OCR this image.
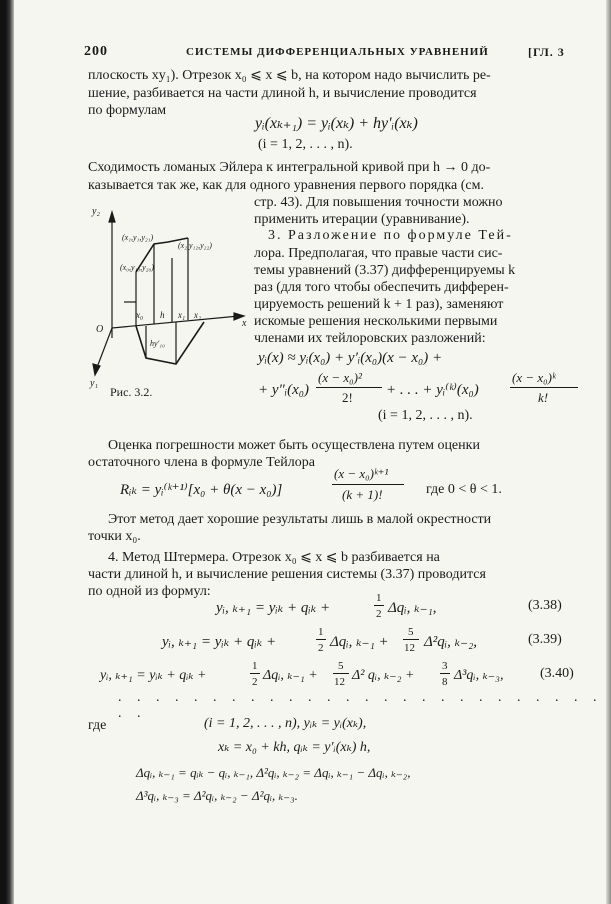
200	СИСТЕМЫ ДИФФЕРЕНЦИАЛЬНЫХ УРАВНЕНИЙ	[ГЛ. 3
плоскость xy₁). Отрезок x₀ ⩽ x ⩽ b, на котором надо вычислить ре-
шение, разбивается на части длиной h, и вычисление проводится
по формулам
yᵢ(xₖ₊₁) = yᵢ(xₖ) + hy′ᵢ(xₖ)
(i = 1, 2, . . . , n).
Сходимость ломаных Эйлера к интегральной кривой при h → 0 до-
казывается так же, как для одного уравнения первого порядка (см.
стр. 43). Для повышения точности можно
применить итерации (уравнивание).
y₂
y₁
x
O
(x₁,y₁,y₂₁)
(x₂,y₁₂,y₂₂)
(x₀,y₁₀,y₂₀)
x₀ h x₁ x₂
hy′₁₀
Рис. 3.2.
3. Разложение по формуле Тей-
лора. Предполагая, что правые части сис-
темы уравнений (3.37) дифференцируемы k
раз (для того чтобы обеспечить дифферен-
цируемость решений k + 1 раз), заменяют
искомые решения несколькими первыми
членами их тейлоровских разложений:
yᵢ(x) ≈ yᵢ(x₀) + y′ᵢ(x₀)(x − x₀) +
+ y″ᵢ(x₀)
(x − x₀)²
2! + . . . + yᵢ⁽ᵏ⁾(x₀)
(x − x₀)ᵏ
k!
(i = 1, 2, . . . , n).
Оценка погрешности может быть осуществлена путем оценки
остаточного члена в формуле Тейлора
Rᵢₖ = yᵢ⁽ᵏ⁺¹⁾[x₀ + θ(x − x₀)]
(x − x₀)ᵏ⁺¹
(k + 1)!	где 0 < θ < 1.
Этот метод дает хорошие результаты лишь в малой окрестности
точки x₀.
4. Метод Штермера. Отрезок x₀ ⩽ x ⩽ b разбивается на
части длиной h, и вычисление решения системы (3.37) проводится
по одной из формул:
yᵢ, ₖ₊₁ = yᵢₖ + qᵢₖ +
1
2 Δqᵢ, ₖ₋₁,	(3.38)
yᵢ, ₖ₊₁ = yᵢₖ + qᵢₖ +
1
2 Δqᵢ, ₖ₋₁ +
5
12 Δ²qᵢ, ₖ₋₂,	(3.39)
yᵢ, ₖ₊₁ = yᵢₖ + qᵢₖ +
1
2 Δqᵢ, ₖ₋₁ +
5
12 Δ² qᵢ, ₖ₋₂ +
3
8 Δ³qᵢ, ₖ₋₃,	(3.40)
. . . . . . . . . . . . . . . . . . . . . . . . . . . .
где	(i = 1, 2, . . . , n), yᵢₖ = yᵢ(xₖ),
xₖ = x₀ + kh, qᵢₖ = y′ᵢ(xₖ) h,
Δqᵢ, ₖ₋₁ = qᵢₖ − qᵢ, ₖ₋₁, Δ²qᵢ, ₖ₋₂ = Δqᵢ, ₖ₋₁ − Δqᵢ, ₖ₋₂,
Δ³qᵢ, ₖ₋₃ = Δ²qᵢ, ₖ₋₂ − Δ²qᵢ, ₖ₋₃.
